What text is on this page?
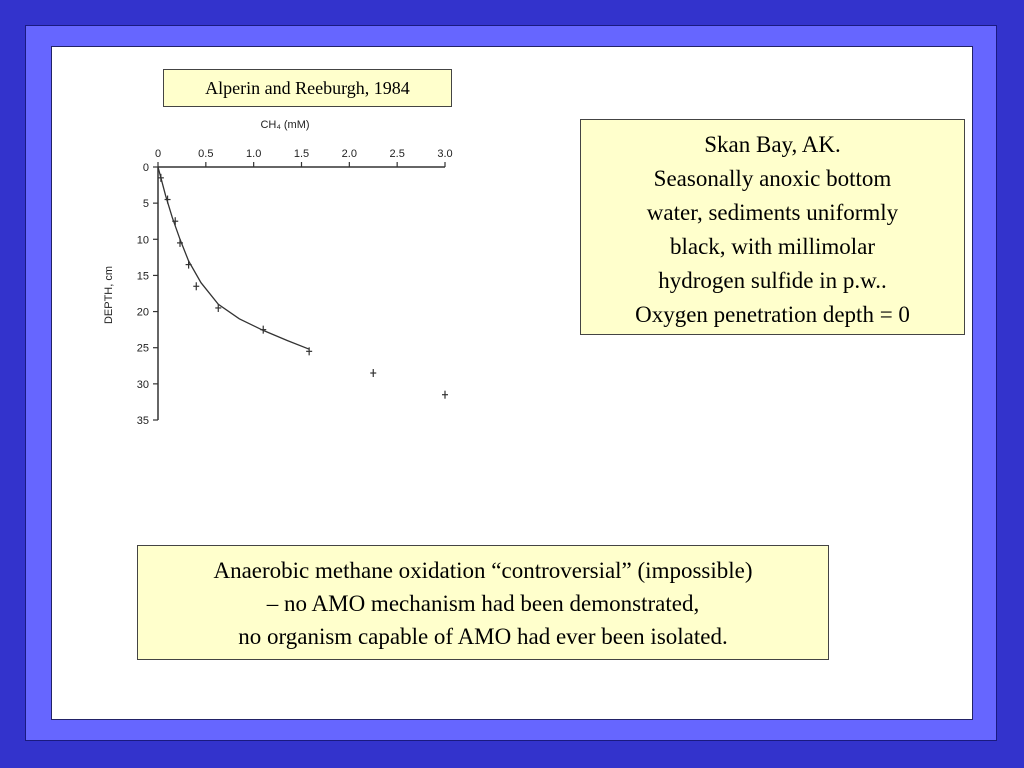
Alperin and Reeburgh, 1984
CH₄ (mM)
DEPTH, cm
0	0.5	1.0	1.5	2.0	2.5	3.0
0
5
10
15
20
25
30
35
Skan Bay, AK.
Seasonally anoxic bottom
water, sediments uniformly
black, with millimolar
hydrogen sulfide in p.w..
Oxygen penetration depth = 0
Anaerobic methane oxidation “controversial” (impossible)
– no AMO mechanism had been demonstrated,
no organism capable of AMO had ever been isolated.
